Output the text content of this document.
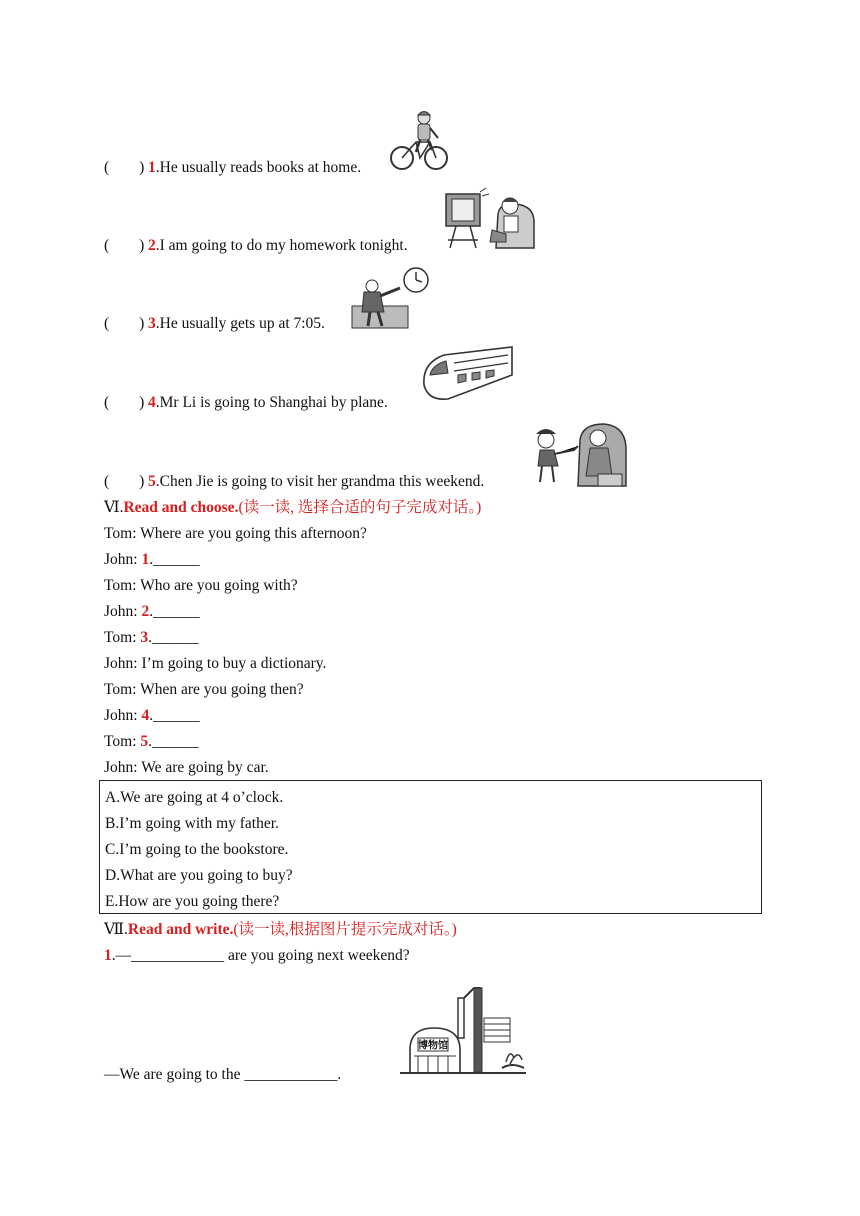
( ) 1.He usually reads books at home.
( ) 2.I am going to do my homework tonight.
( ) 3.He usually gets up at 7:05.
( ) 4.Mr Li is going to Shanghai by plane.
( ) 5.Chen Jie is going to visit her grandma this weekend.
Ⅵ.Read and choose.(读一读, 选择合适的句子完成对话。)
Tom: Where are you going this afternoon?
John: 1.______
Tom: Who are you going with?
John: 2.______
Tom: 3.______
John: I’m going to buy a dictionary.
Tom: When are you going then?
John: 4.______
Tom: 5.______
John: We are going by car.
A.We are going at 4 o’clock.
B.I’m going with my father.
C.I’m going to the bookstore.
D.What are you going to buy?
E.How are you going there?
Ⅶ.Read and write.(读一读,根据图片提示完成对话。)
1.—____________ are you going next weekend?
—We are going to the ____________.
博物馆
